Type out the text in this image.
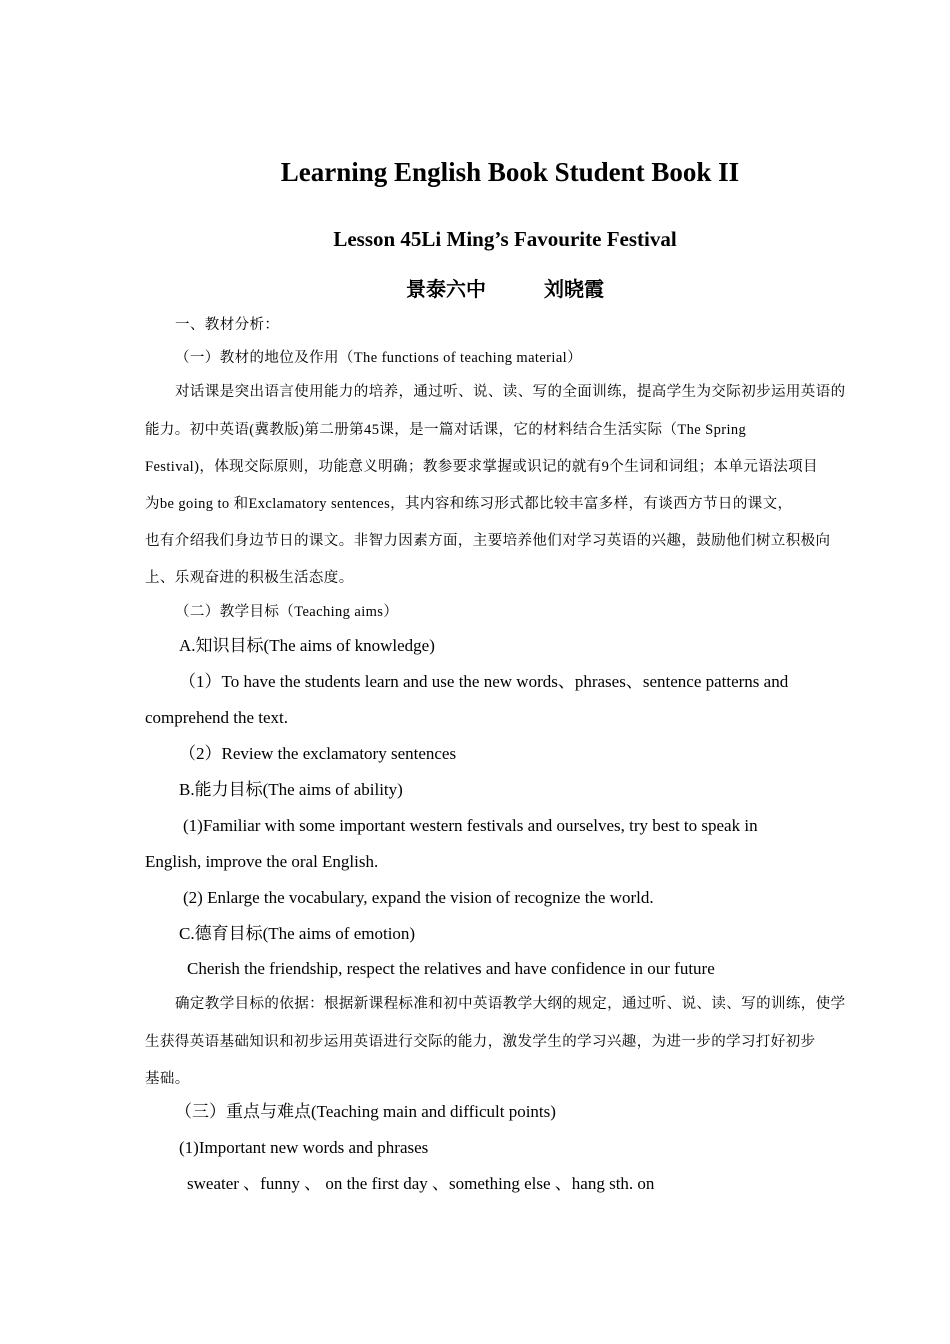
Learning English Book Student Book II
Lesson 45Li Ming’s Favourite Festival
景泰六中	刘晓霞
一、教材分析：
（一）教材的地位及作用（The functions of teaching material）
对话课是突出语言使用能力的培养，通过听、说、读、写的全面训练，提高学生为交际初步运用英语的
能力。初中英语(冀教版)第二册第45课，是一篇对话课，它的材料结合生活实际（The Spring
Festival)，体现交际原则，功能意义明确；教参要求掌握或识记的就有9个生词和词组；本单元语法项目
为be going to 和Exclamatory sentences，其内容和练习形式都比较丰富多样，有谈西方节日的课文，
也有介绍我们身边节日的课文。非智力因素方面，主要培养他们对学习英语的兴趣，鼓励他们树立积极向
上、乐观奋进的积极生活态度。
（二）教学目标（Teaching aims）
A.知识目标(The aims of knowledge)
（1）To have the students learn and use the new words、phrases、sentence patterns and
comprehend the text.
（2）Review the exclamatory sentences
B.能力目标(The aims of ability)
(1)Familiar with some important western festivals and ourselves, try best to speak in
English, improve the oral English.
(2) Enlarge the vocabulary, expand the vision of recognize the world.
C.德育目标(The aims of emotion)
Cherish the friendship, respect the relatives and have confidence in our future
确定教学目标的依据：根据新课程标准和初中英语教学大纲的规定，通过听、说、读、写的训练，使学
生获得英语基础知识和初步运用英语进行交际的能力，激发学生的学习兴趣，为进一步的学习打好初步
基础。
（三）重点与难点(Teaching main and difficult points)
(1)Important new words and phrases
sweater 、funny 、 on the first day 、something else 、hang sth. on
